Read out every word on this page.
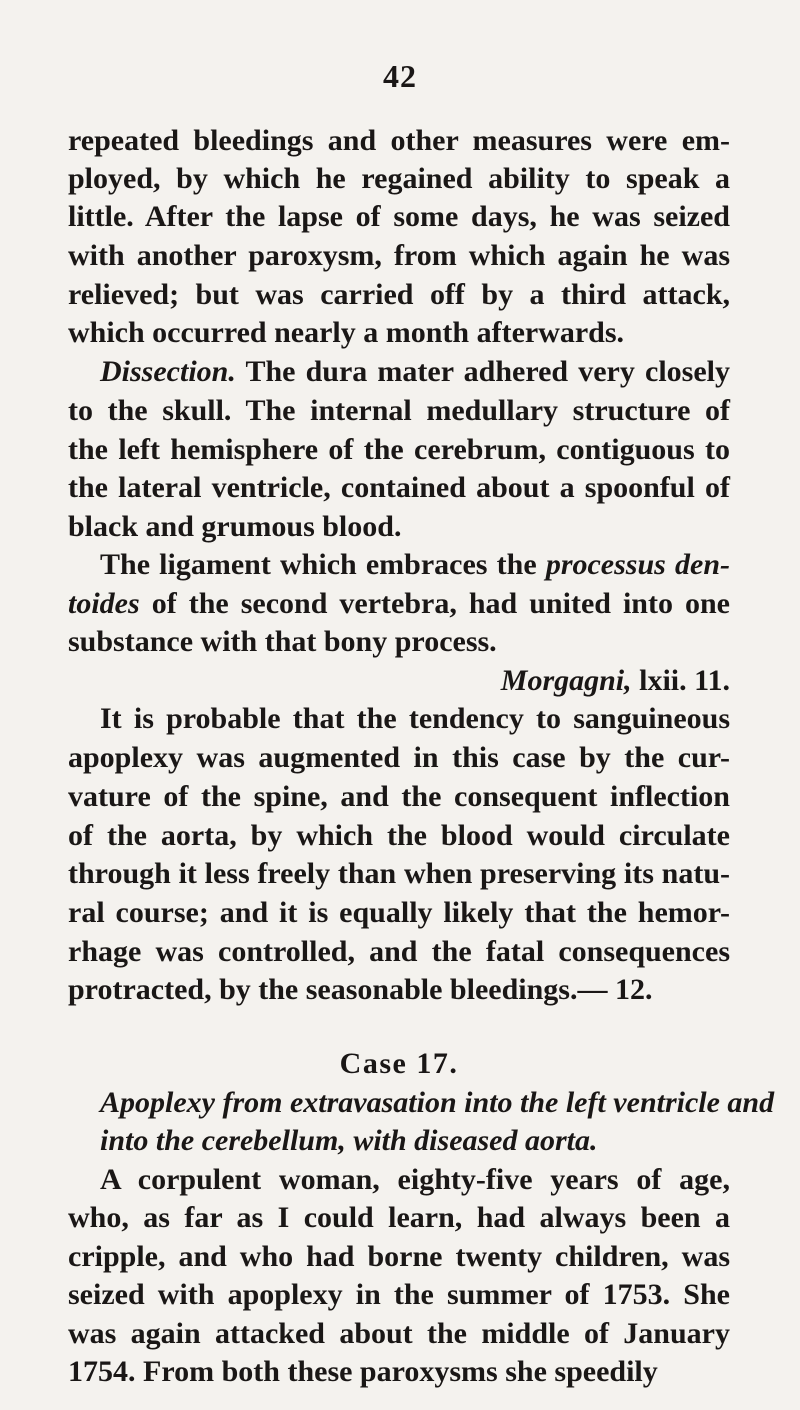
42
repeated bleedings and other measures were em-
ployed, by which he regained ability to speak a
little. After the lapse of some days, he was seized
with another paroxysm, from which again he was
relieved; but was carried off by a third attack,
which occurred nearly a month afterwards.
Dissection. The dura mater adhered very closely
to the skull. The internal medullary structure of
the left hemisphere of the cerebrum, contiguous to
the lateral ventricle, contained about a spoonful of
black and grumous blood.
The ligament which embraces the processus den-
toides of the second vertebra, had united into one
substance with that bony process.
Morgagni, lxii. 11.
It is probable that the tendency to sanguineous
apoplexy was augmented in this case by the cur-
vature of the spine, and the consequent inflection
of the aorta, by which the blood would circulate
through it less freely than when preserving its natu-
ral course; and it is equally likely that the hemor-
rhage was controlled, and the fatal consequences
protracted, by the seasonable bleedings.— 12.
Case 17.
Apoplexy from extravasation into the left ventricle and
into the cerebellum, with diseased aorta.
A corpulent woman, eighty-five years of age,
who, as far as I could learn, had always been a
cripple, and who had borne twenty children, was
seized with apoplexy in the summer of 1753. She
was again attacked about the middle of January
1754. From both these paroxysms she speedily
